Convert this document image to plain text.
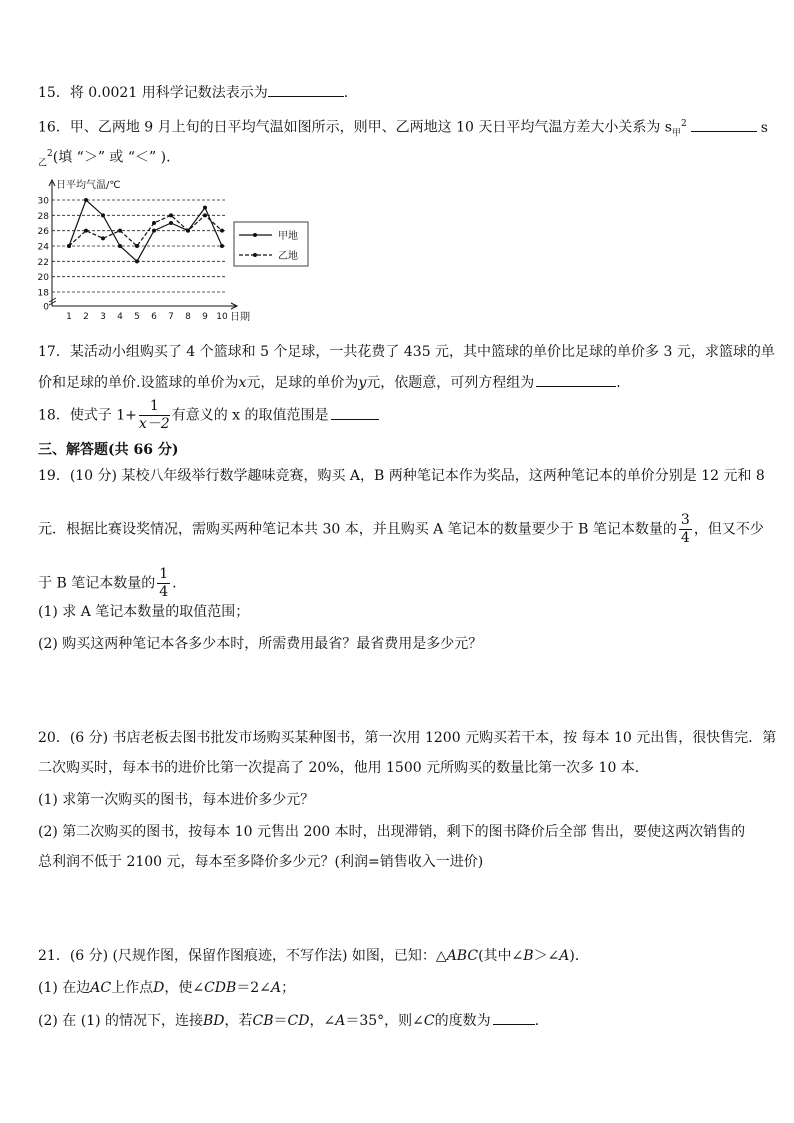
15．将 0.0021 用科学记数法表示为	.
16．甲、乙两地 9 月上旬的日平均气温如图所示，则甲、乙两地这 10 天日平均气温方差大小关系为 $s_甲^2$	s
$_乙^2$(填 “＞” 或 “＜” ).
0
18
20
22
24
26
28
30
日平均气温/℃
日期
1 2 3 4 5 6 7 8 9 10
甲地
乙地
17．某活动小组购买了 4 个篮球和 5 个足球，一共花费了 435 元，其中篮球的单价比足球的单价多 3 元，求篮球的单
价和足球的单价.设篮球的单价为x元，足球的单价为y元，依题意，可列方程组为	.
18．使式子 $1+ \frac{1}{x-2}$ 有意义的 x 的取值范围是
三、解答题(共 66 分)
19．(10 分) 某校八年级举行数学趣味竞赛，购买 A，B 两种笔记本作为奖品，这两种笔记本的单价分别是 12 元和 8
元．根据比赛设奖情况，需购买两种笔记本共 30 本，并且购买 A 笔记本的数量要少于 B 笔记本数量的 $\frac{3}{4}$ ，但又不少
于 B 笔记本数量的 $\frac{1}{4}$ .
(1) 求 A 笔记本数量的取值范围；
(2) 购买这两种笔记本各多少本时，所需费用最省？最省费用是多少元？
20．(6 分) 书店老板去图书批发市场购买某种图书，第一次用 1200 元购买若干本，按 每本 10 元出售，很快售完．第
二次购买时，每本书的进价比第一次提高了 20%，他用 1500 元所购买的数量比第一次多 10 本．
(1) 求第一次购买的图书，每本进价多少元？
(2) 第二次购买的图书，按每本 10 元售出 200 本时，出现滞销，剩下的图书降价后全部 售出，要使这两次销售的
总利润不低于 2100 元，每本至多降价多少元？(利润=销售收入一进价)
21．(6 分) (尺规作图，保留作图痕迹，不写作法) 如图，已知：△ABC(其中∠B＞∠A)．
(1) 在边AC上作点D，使∠CDB＝2∠A；
(2) 在 (1) 的情况下，连接BD，若CB＝CD，∠A＝35°，则∠C的度数为	.
